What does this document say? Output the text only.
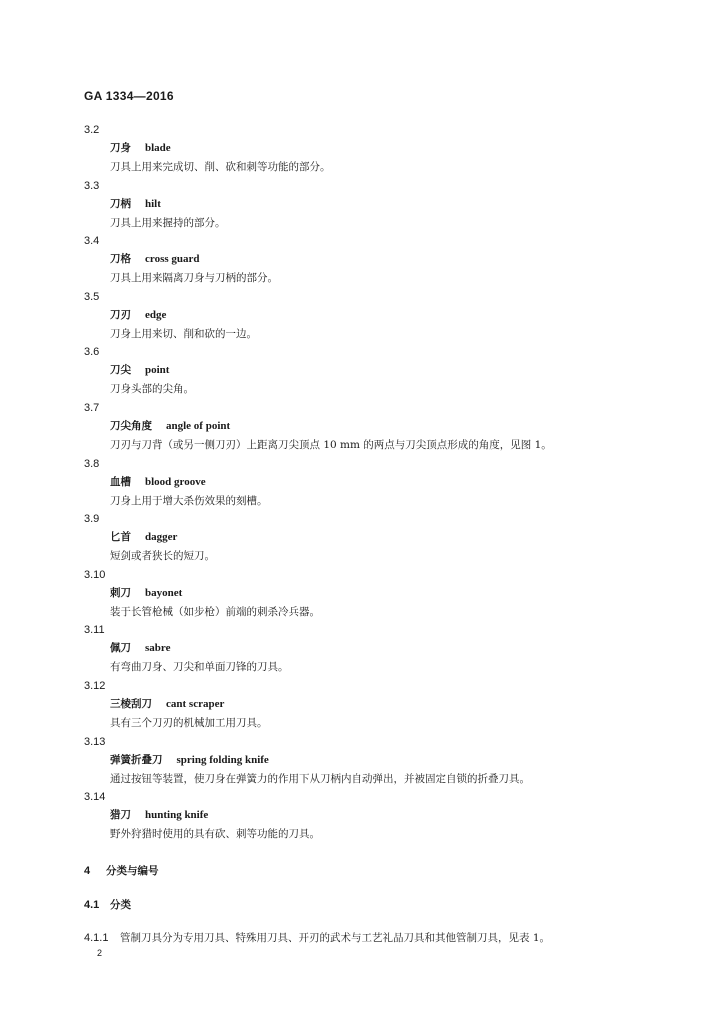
GA 1334—2016
3.2
刀身 blade
刀具上用来完成切、削、砍和刺等功能的部分。
3.3
刀柄 hilt
刀具上用来握持的部分。
3.4
刀格 cross guard
刀具上用来隔离刀身与刀柄的部分。
3.5
刀刃 edge
刀身上用来切、削和砍的一边。
3.6
刀尖 point
刀身头部的尖角。
3.7
刀尖角度 angle of point
刀刃与刀背（或另一侧刀刃）上距离刀尖顶点 10 mm 的两点与刀尖顶点形成的角度，见图 1。
3.8
血槽 blood groove
刀身上用于增大杀伤效果的刻槽。
3.9
匕首 dagger
短剑或者狭长的短刀。
3.10
刺刀 bayonet
装于长管枪械（如步枪）前端的刺杀冷兵器。
3.11
佩刀 sabre
有弯曲刀身、刀尖和单面刀锋的刀具。
3.12
三棱刮刀 cant scraper
具有三个刀刃的机械加工用刀具。
3.13
弹簧折叠刀 spring folding knife
通过按钮等装置，使刀身在弹簧力的作用下从刀柄内自动弹出，并被固定自锁的折叠刀具。
3.14
猎刀 hunting knife
野外狩猎时使用的具有砍、刺等功能的刀具。
4 分类与编号
4.1 分类
4.1.1 管制刀具分为专用刀具、特殊用刀具、开刃的武术与工艺礼品刀具和其他管制刀具，见表 1。
2
